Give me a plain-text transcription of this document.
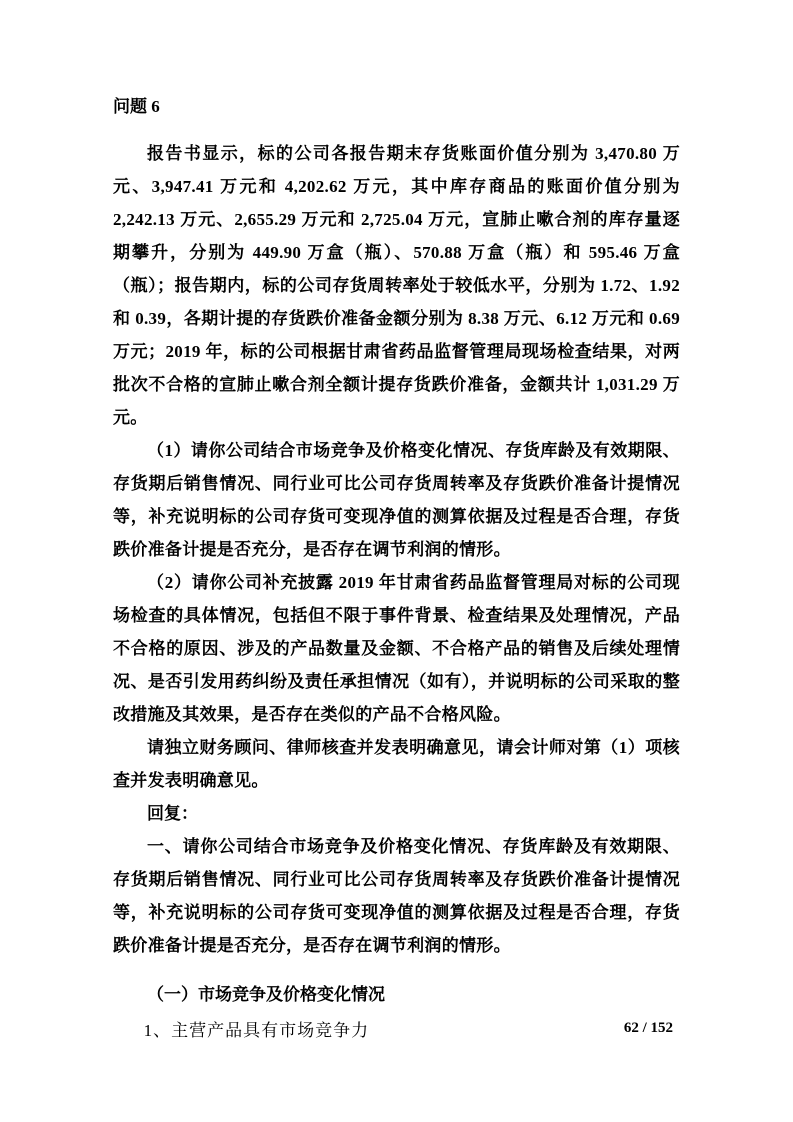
问题 6

报告书显示，标的公司各报告期末存货账面价值分别为 3,470.80 万元、3,947.41 万元和 4,202.62 万元，其中库存商品的账面价值分别为 2,242.13 万元、2,655.29 万元和 2,725.04 万元，宣肺止嗽合剂的库存量逐期攀升，分别为 449.90 万盒（瓶）、570.88 万盒（瓶）和 595.46 万盒（瓶）；报告期内，标的公司存货周转率处于较低水平，分别为 1.72、1.92 和 0.39，各期计提的存货跌价准备金额分别为 8.38 万元、6.12 万元和 0.69 万元；2019 年，标的公司根据甘肃省药品监督管理局现场检查结果，对两批次不合格的宣肺止嗽合剂全额计提存货跌价准备，金额共计 1,031.29 万元。

（1）请你公司结合市场竞争及价格变化情况、存货库龄及有效期限、存货期后销售情况、同行业可比公司存货周转率及存货跌价准备计提情况等，补充说明标的公司存货可变现净值的测算依据及过程是否合理，存货跌价准备计提是否充分，是否存在调节利润的情形。

（2）请你公司补充披露 2019 年甘肃省药品监督管理局对标的公司现场检查的具体情况，包括但不限于事件背景、检查结果及处理情况，产品不合格的原因、涉及的产品数量及金额、不合格产品的销售及后续处理情况、是否引发用药纠纷及责任承担情况（如有），并说明标的公司采取的整改措施及其效果，是否存在类似的产品不合格风险。

请独立财务顾问、律师核查并发表明确意见，请会计师对第（1）项核查并发表明确意见。

回复：

一、请你公司结合市场竞争及价格变化情况、存货库龄及有效期限、存货期后销售情况、同行业可比公司存货周转率及存货跌价准备计提情况等，补充说明标的公司存货可变现净值的测算依据及过程是否合理，存货跌价准备计提是否充分，是否存在调节利润的情形。

（一）市场竞争及价格变化情况
1、主营产品具有市场竞争力	62 / 152
